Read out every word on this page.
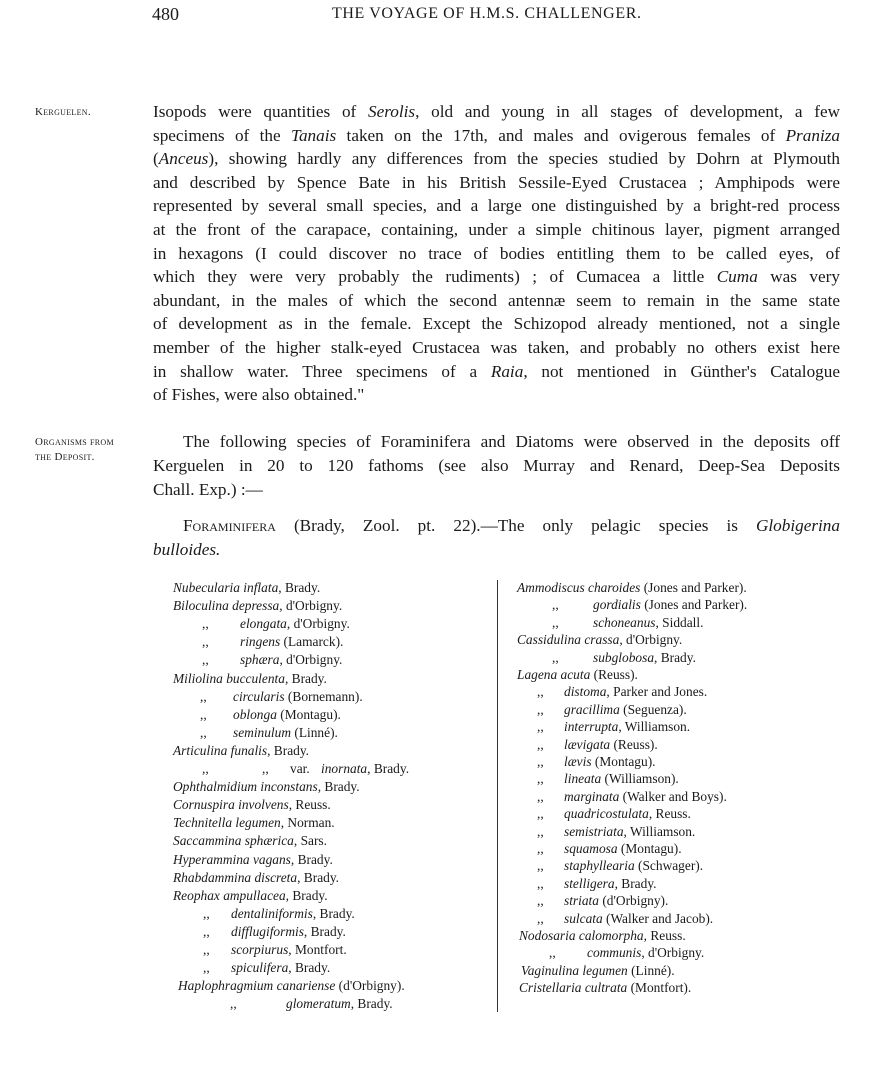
480	THE VOYAGE OF H.M.S. CHALLENGER.
Kerguelen.
Organisms from
the Deposit.
Isopods were quantities of Serolis, old and young in all stages of development, a few
specimens of the Tanais taken on the 17th, and males and ovigerous females of Praniza
(Anceus), showing hardly any differences from the species studied by Dohrn at Plymouth
and described by Spence Bate in his British Sessile-Eyed Crustacea ; Amphipods were
represented by several small species, and a large one distinguished by a bright-red process
at the front of the carapace, containing, under a simple chitinous layer, pigment arranged
in hexagons (I could discover no trace of bodies entitling them to be called eyes, of
which they were very probably the rudiments) ; of Cumacea a little Cuma was very
abundant, in the males of which the second antennæ seem to remain in the same state
of development as in the female. Except the Schizopod already mentioned, not a single
member of the higher stalk-eyed Crustacea was taken, and probably no others exist here
in shallow water. Three specimens of a Raia, not mentioned in Günther's Catalogue
of Fishes, were also obtained."
The following species of Foraminifera and Diatoms were observed in the deposits off
Kerguelen in 20 to 120 fathoms (see also Murray and Renard, Deep-Sea Deposits
Chall. Exp.) :—
Foraminifera (Brady, Zool. pt. 22).—The only pelagic species is Globigerina
bulloides.
Nubecularia inflata, Brady.
Biloculina depressa, d'Orbigny.
,, elongata, d'Orbigny.
,, ringens (Lamarck).
,, sphæra, d'Orbigny.
Miliolina bucculenta, Brady.
,, circularis (Bornemann).
,, oblonga (Montagu).
,, seminulum (Linné).
Articulina funalis, Brady.
,,	,, var. inornata, Brady.
Ophthalmidium inconstans, Brady.
Cornuspira involvens, Reuss.
Technitella legumen, Norman.
Saccammina sphærica, Sars.
Hyperammina vagans, Brady.
Rhabdammina discreta, Brady.
Reophax ampullacea, Brady.
,, dentaliniformis, Brady.
,, difflugiformis, Brady.
,, scorpiurus, Montfort.
,, spiculifera, Brady.
Haplophragmium canariense (d'Orbigny).
,,	glomeratum, Brady.
Ammodiscus charoides (Jones and Parker).
,,	gordialis (Jones and Parker).
,,	schoneanus, Siddall.
Cassidulina crassa, d'Orbigny.
,,	subglobosa, Brady.
Lagena acuta (Reuss).
,, distoma, Parker and Jones.
,, gracillima (Seguenza).
,, interrupta, Williamson.
,, lævigata (Reuss).
,, lævis (Montagu).
,, lineata (Williamson).
,, marginata (Walker and Boys).
,, quadricostulata, Reuss.
,, semistriata, Williamson.
,, squamosa (Montagu).
,, staphyllearia (Schwager).
,, stelligera, Brady.
,, striata (d'Orbigny).
,, sulcata (Walker and Jacob).
Nodosaria calomorpha, Reuss.
,, communis, d'Orbigny.
Vaginulina legumen (Linné).
Cristellaria cultrata (Montfort).
